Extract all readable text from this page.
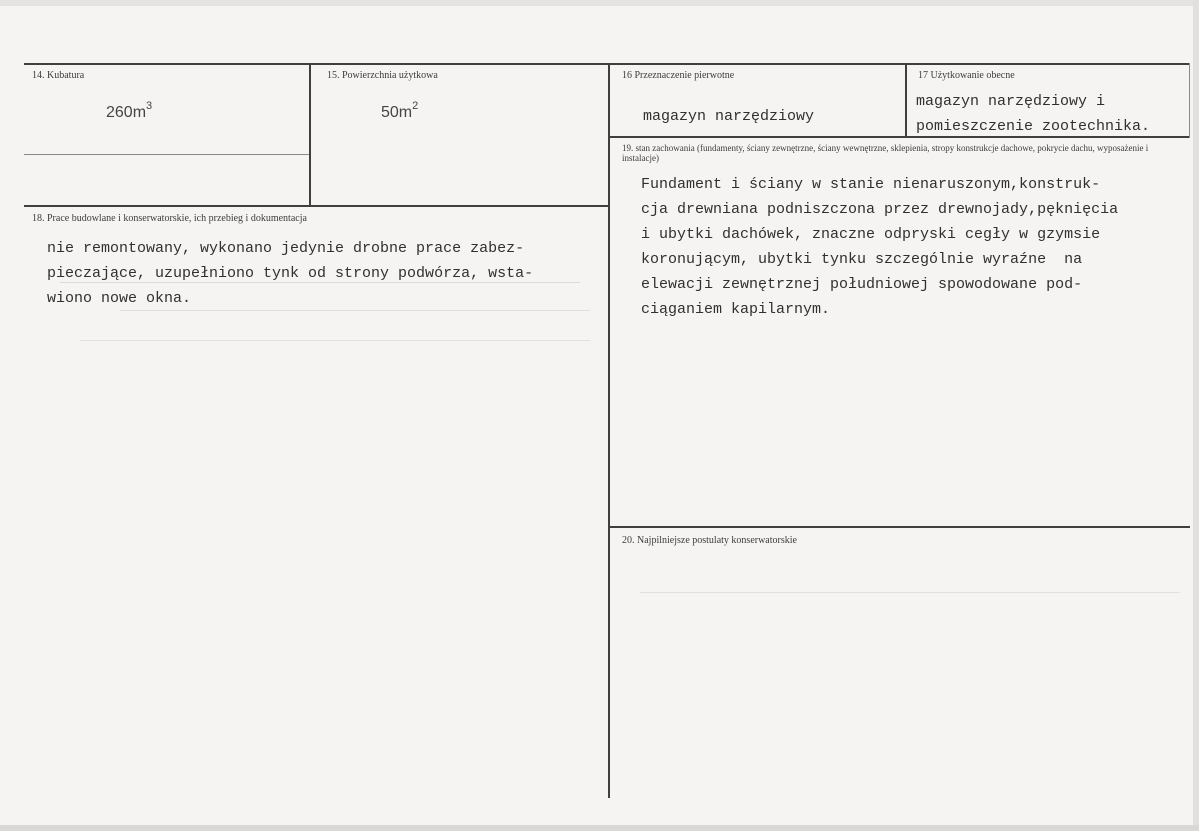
14. Kubatura
$260m^3$
15. Powierzchnia użytkowa
$50m^2$
16 Przeznaczenie pierwotne
magazyn narzędziowy
17 Użytkowanie obecne
magazyn narzędziowy i
pomieszczenie zootechnika.
18. Prace budowlane i konserwatorskie, ich przebieg i dokumentacja
nie remontowany, wykonano jedynie drobne prace zabez-
pieczające, uzupełniono tynk od strony podwórza, wsta-
wiono nowe okna.
19. stan zachowania (fundamenty, ściany zewnętrzne, ściany wewnętrzne, sklepienia, stropy konstrukcje dachowe, pokrycie dachu, wyposażenie i instalacje)
Fundament i ściany w stanie nienaruszonym,konstruk-
cja drewniana podniszczona przez drewnojady,pęknięcia
i ubytki dachówek, znaczne odpryski cegły w gzymsie
koronującym, ubytki tynku szczególnie wyraźne  na
elewacji zewnętrznej południowej spowodowane pod-
ciąganiem kapilarnym.
20. Najpilniejsze postulaty konserwatorskie
